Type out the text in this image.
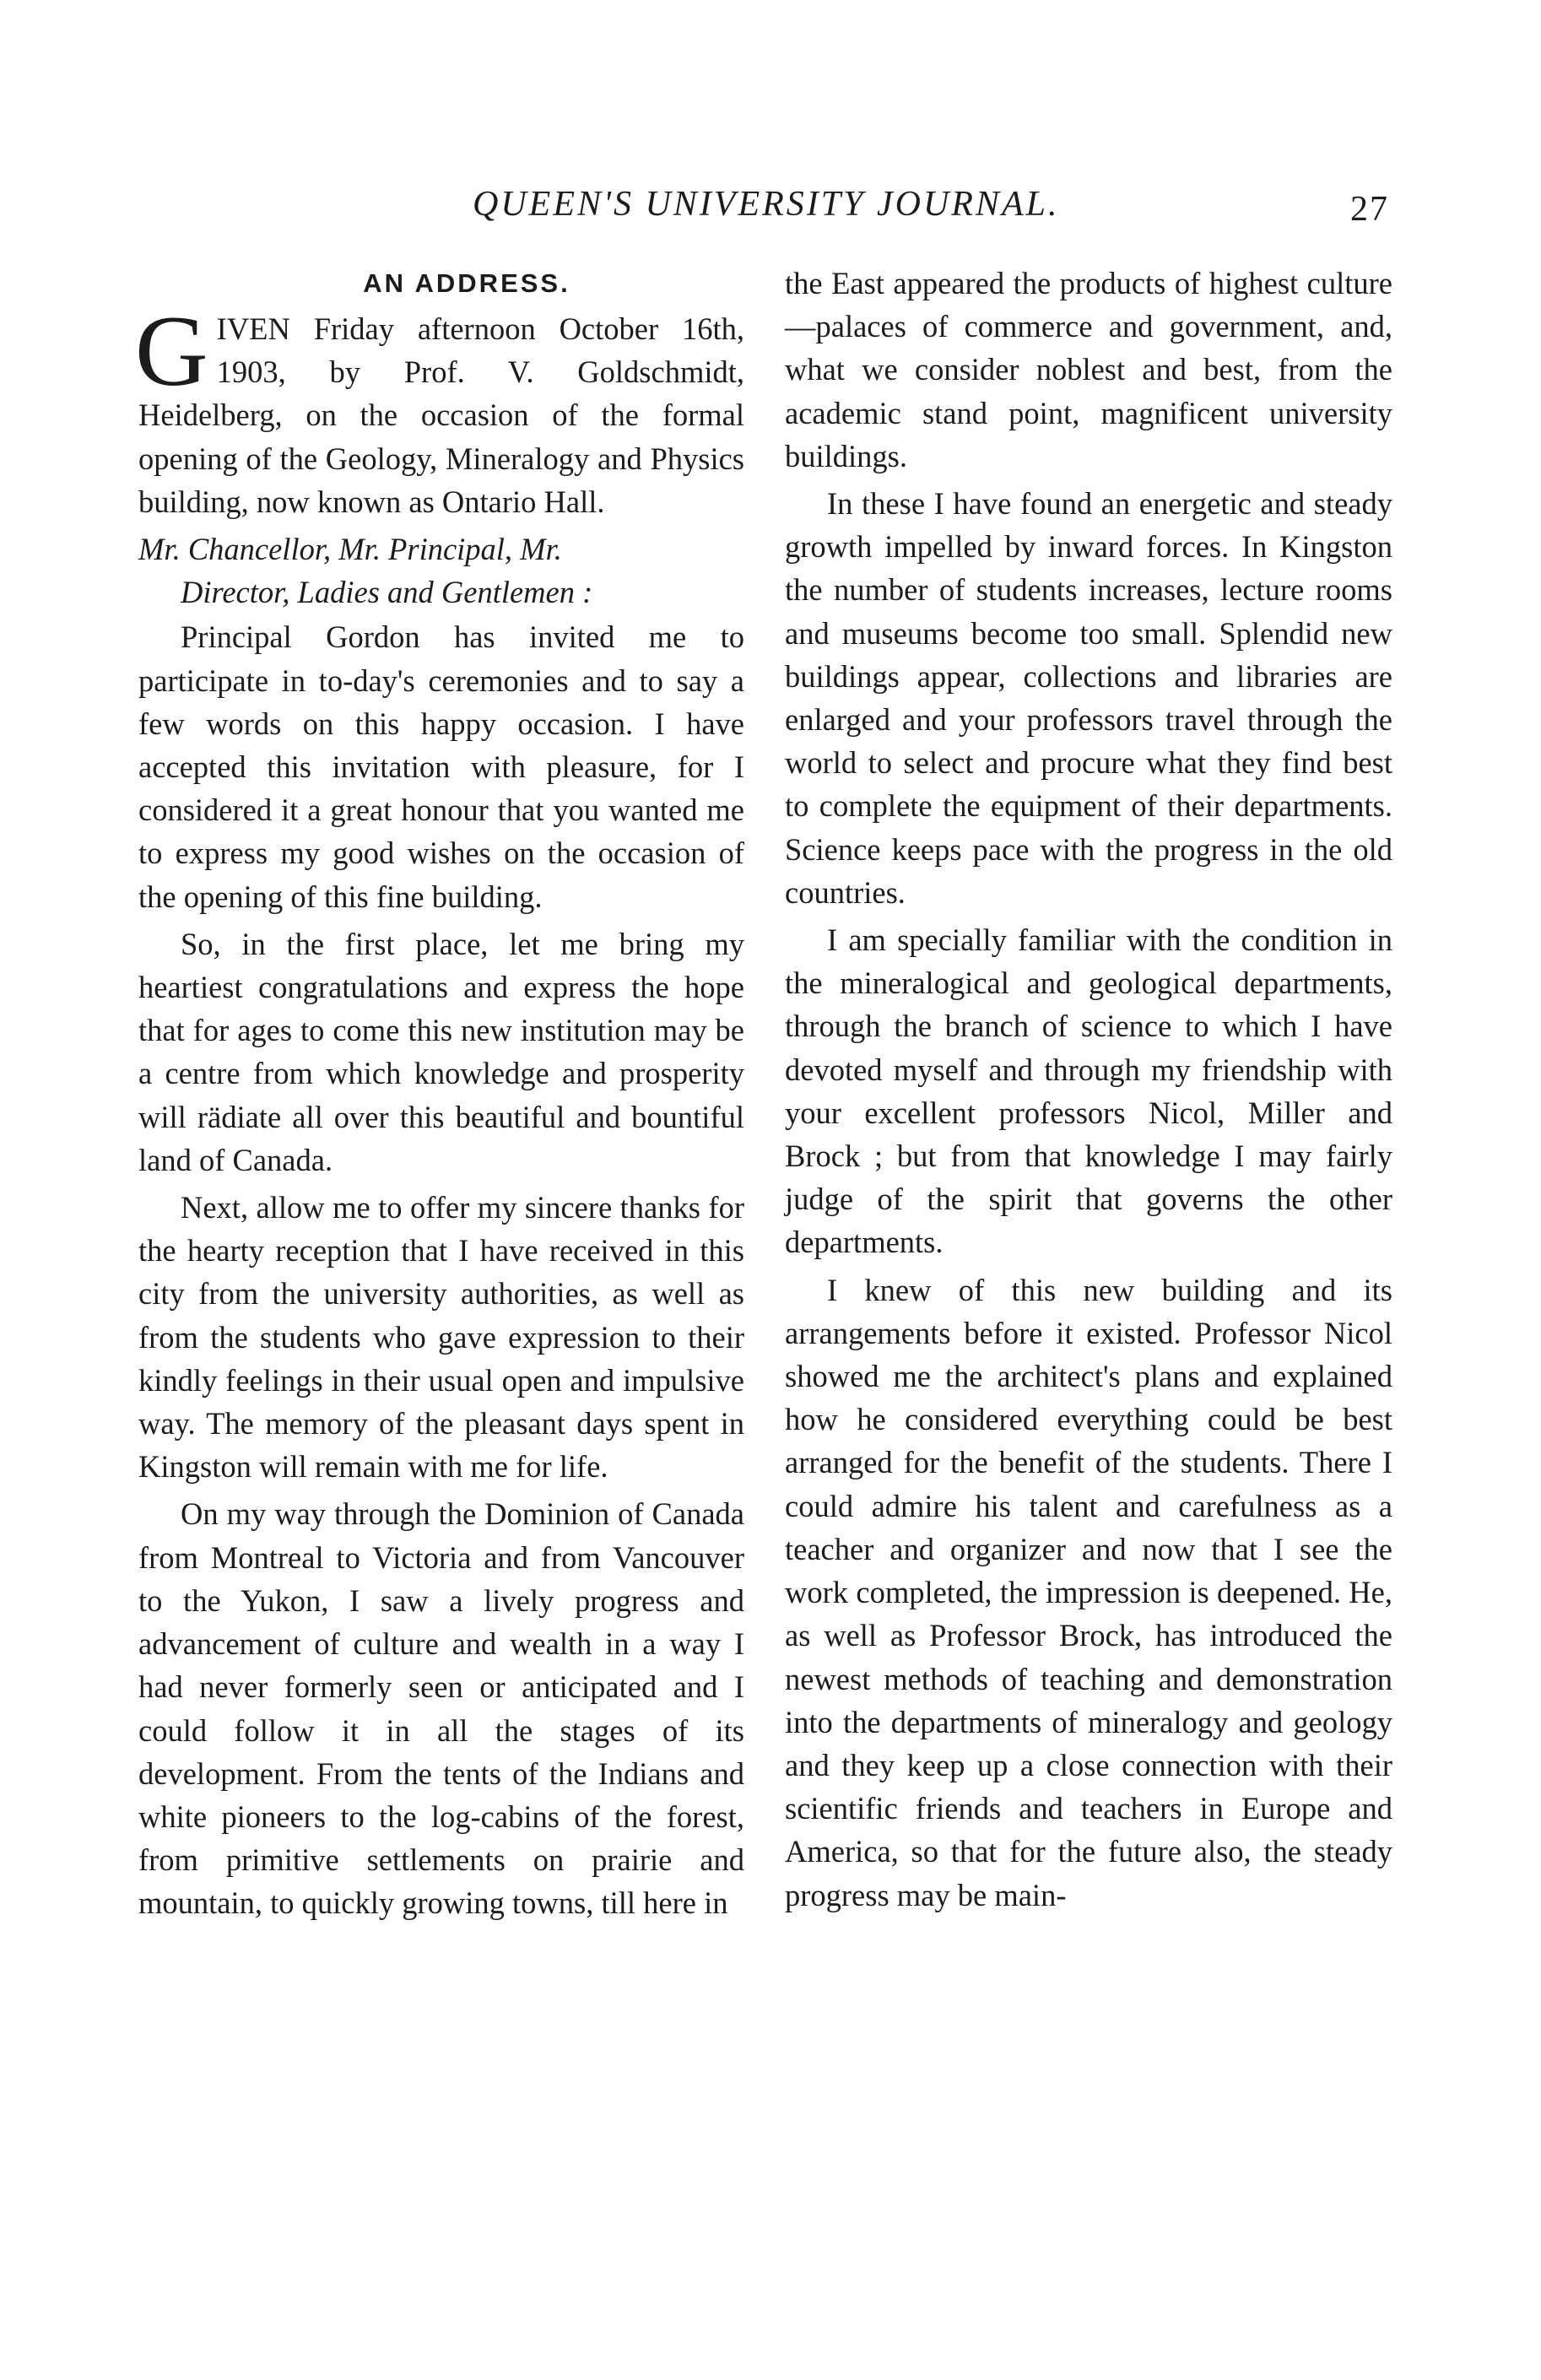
QUEEN'S UNIVERSITY JOURNAL.	27
AN ADDRESS.

GIVEN Friday afternoon October 16th, 1903, by Prof. V. Goldschmidt, Heidelberg, on the occasion of the formal opening of the Geology, Mineralogy and Physics building, now known as Ontario Hall.

Mr. Chancellor, Mr. Principal, Mr.

Director, Ladies and Gentlemen :

Principal Gordon has invited me to participate in to-day's ceremonies and to say a few words on this happy occasion. I have accepted this invitation with pleasure, for I considered it a great honour that you wanted me to express my good wishes on the occasion of the opening of this fine building.

So, in the first place, let me bring my heartiest congratulations and express the hope that for ages to come this new institution may be a centre from which knowledge and prosperity will rädiate all over this beautiful and bountiful land of Canada.

Next, allow me to offer my sincere thanks for the hearty reception that I have received in this city from the university authorities, as well as from the students who gave expression to their kindly feelings in their usual open and impulsive way. The memory of the pleasant days spent in Kingston will remain with me for life.

On my way through the Dominion of Canada from Montreal to Victoria and from Vancouver to the Yukon, I saw a lively progress and advancement of culture and wealth in a way I had never formerly seen or anticipated and I could follow it in all the stages of its development. From the tents of the Indians and white pioneers to the log-cabins of the forest, from primitive settlements on prairie and mountain, to quickly growing towns, till here in

the East appeared the products of highest culture—palaces of commerce and government, and, what we consider noblest and best, from the academic stand point, magnificent university buildings.

In these I have found an energetic and steady growth impelled by inward forces. In Kingston the number of students increases, lecture rooms and museums become too small. Splendid new buildings appear, collections and libraries are enlarged and your professors travel through the world to select and procure what they find best to complete the equipment of their departments. Science keeps pace with the progress in the old countries.

I am specially familiar with the condition in the mineralogical and geological departments, through the branch of science to which I have devoted myself and through my friendship with your excellent professors Nicol, Miller and Brock ; but from that knowledge I may fairly judge of the spirit that governs the other departments.

I knew of this new building and its arrangements before it existed. Professor Nicol showed me the architect's plans and explained how he considered everything could be best arranged for the benefit of the students. There I could admire his talent and carefulness as a teacher and organizer and now that I see the work completed, the impression is deepened. He, as well as Professor Brock, has introduced the newest methods of teaching and demonstration into the departments of mineralogy and geology and they keep up a close connection with their scientific friends and teachers in Europe and America, so that for the future also, the steady progress may be main-
